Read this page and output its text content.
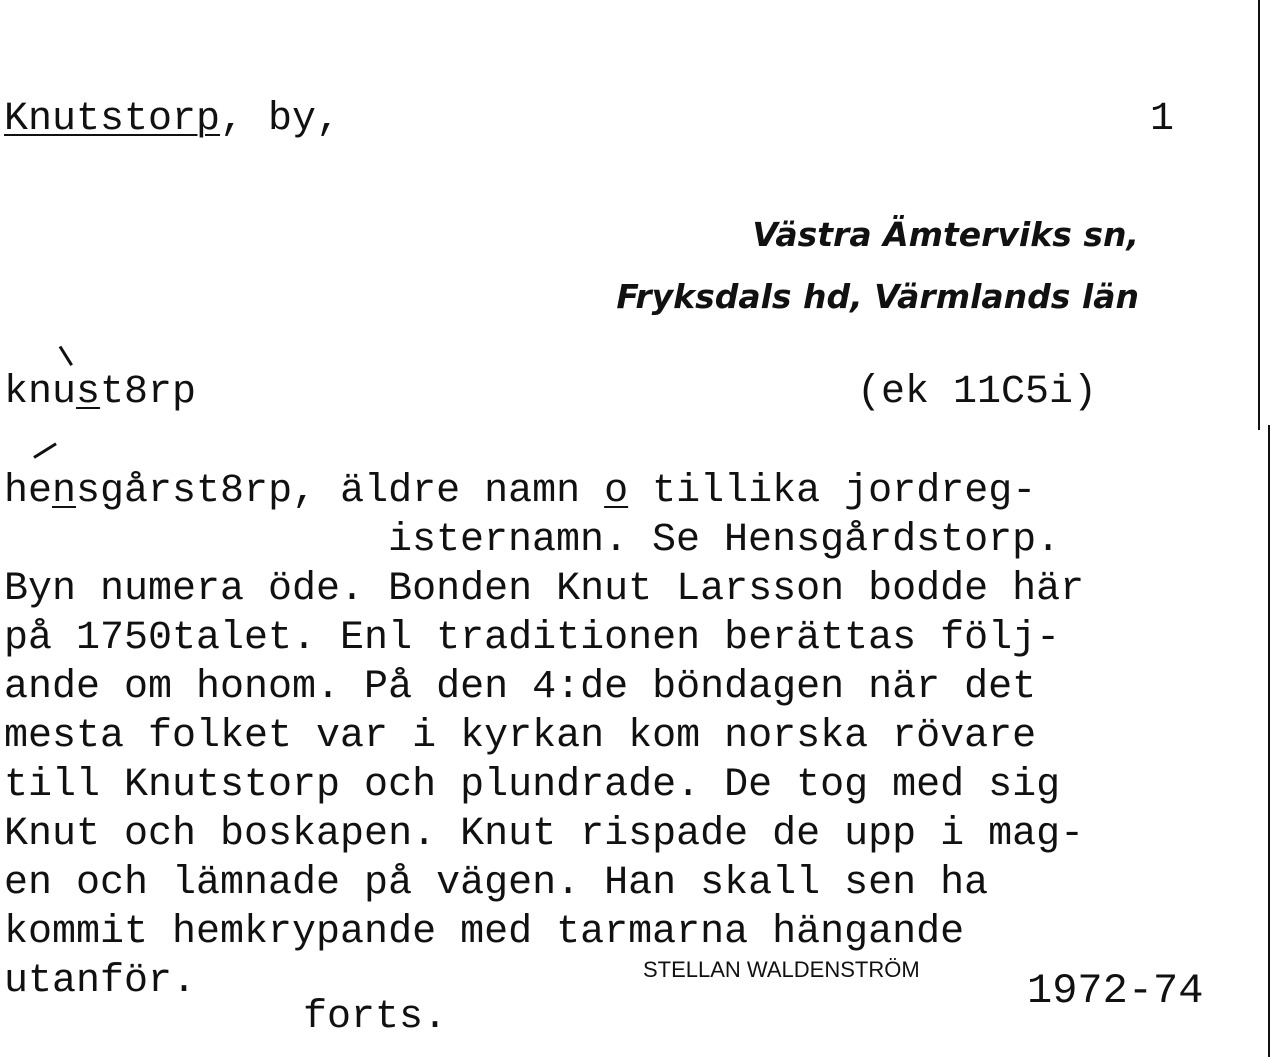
Knutstorp, by,	1
Västra Ämterviks sn,
Fryksdals hd, Värmlands län
knust8rp	(ek 11C5i)
hensgårst8rp, äldre namn o tillika jordreg-
isternamn. Se Hensgårdstorp.
Byn numera öde. Bonden Knut Larsson bodde här
på 1750talet. Enl traditionen berättas följ-
ande om honom. På den 4:de böndagen när det
mesta folket var i kyrkan kom norska rövare
till Knutstorp och plundrade. De tog med sig
Knut och boskapen. Knut rispade de upp i mag-
en och lämnade på vägen. Han skall sen ha
kommit hemkrypande med tarmarna hängande
utanför.	STELLAN WALDENSTRÖM	1972-74
forts.
